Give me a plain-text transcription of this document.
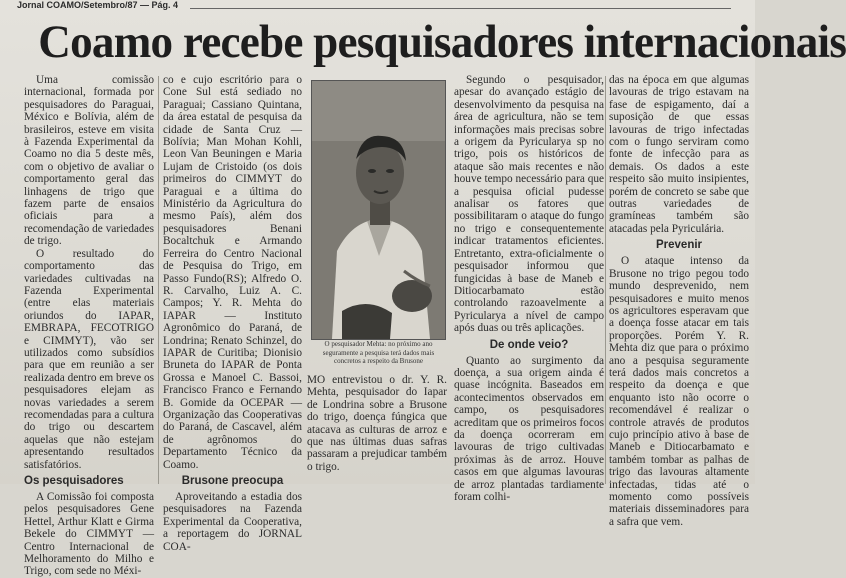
Jornal COAMO/Setembro/87 — Pág. 4
Coamo recebe pesquisadores internacionais

Uma comissão internacional, formada por pesquisadores do Paraguai, México e Bolívia, além de brasileiros, esteve em visita à Fazenda Experimental da Coamo no dia 5 deste mês, com o objetivo de avaliar o comportamento geral das linhagens de trigo que fazem parte de ensaios oficiais para a recomendação de variedades de trigo.

O resultado do comportamento das variedades cultivadas na Fazenda Experimental (entre elas materiais oriundos do IAPAR, EMBRAPA, FECOTRIGO e CIMMYT), vão ser utilizados como subsídios para que em reunião a ser realizada dentro em breve os pesquisadores elejam as novas variedades a serem recomendadas para a cultura do trigo ou descartem aquelas que não estejam apresentando resultados satisfatórios.

Os pesquisadores

A Comissão foi composta pelos pesquisadores Gene Hettel, Arthur Klatt e Girma Bekele do CIMMYT — Centro Internacional de Melhoramento do Milho e Trigo, com sede no Méxi-

co e cujo escritório para o Cone Sul está sediado no Paraguai; Cassiano Quintana, da área estatal de pesquisa da cidade de Santa Cruz — Bolívia; Man Mohan Kohli, Leon Van Beuningen e Maria Lujam de Cristoido (os dois primeiros do CIMMYT do Paraguai e a última do Ministério da Agricultura do mesmo País), além dos pesquisadores Benani Bocaltchuk e Armando Ferreira do Centro Nacional de Pesquisa do Trigo, em Passo Fundo(RS); Alfredo O. R. Carvalho, Luiz A. C. Campos; Y. R. Mehta do IAPAR — Instituto Agronômico do Paraná, de Londrina; Renato Schinzel, do IAPAR de Curitiba; Dionisio Bruneta do IAPAR de Ponta Grossa e Manoel C. Bassoi, Francisco Franco e Fernando B. Gomide da OCEPAR — Organização das Cooperativas do Paraná, de Cascavel, além de agrônomos do Departamento Técnico da Coamo.

Brusone preocupa

Aproveitando a estadia dos pesquisadores na Fazenda Experimental da Cooperativa, a reportagem do JORNAL COA-

O pesquisador Mehta: no próximo ano seguramente a pesquisa terá dados mais concretos a respeito da Brusone

MO entrevistou o dr. Y. R. Mehta, pesquisador do Iapar de Londrina sobre a Brusone do trigo, doença fúngica que atacava as culturas de arroz e que nas últimas duas safras passaram a prejudicar também o trigo.

Segundo o pesquisador, apesar do avançado estágio de desenvolvimento da pesquisa na área de agricultura, não se tem informações mais precisas sobre a origem da Pyricularya sp no trigo, pois os históricos de ataque são mais recentes e não houve tempo necessário para que a pesquisa oficial pudesse analisar os fatores que possibilitaram o ataque do fungo no trigo e consequentemente indicar tratamentos eficientes. Entretanto, extra-oficialmente o pesquisador informou que fungicidas à base de Maneb e Ditiocarbamato estão controlando razoavelmente a Pyricularya a nível de campo após duas ou três aplicações.

De onde veio?

Quanto ao surgimento da doença, a sua origem ainda é quase incógnita. Baseados em acontecimentos observados em campo, os pesquisadores acreditam que os primeiros focos da doença ocorreram em lavouras de trigo cultivadas próximas às de arroz. Houve casos em que algumas lavouras de arroz plantadas tardiamente foram colhi-

das na época em que algumas lavouras de trigo estavam na fase de espigamento, daí a suposição de que essas lavouras de trigo infectadas com o fungo serviram como fonte de infecção para as demais. Os dados a este respeito são muito insipientes, porém de concreto se sabe que outras variedades de gramíneas também são atacadas pela Pyriculária.

Prevenir

O ataque intenso da Brusone no trigo pegou todo mundo desprevenido, nem pesquisadores e muito menos os agricultores esperavam que a doença fosse atacar em tais proporções. Porém Y. R. Mehta diz que para o próximo ano a pesquisa seguramente terá dados mais concretos a respeito da doença e que enquanto isto não ocorre o recomendável é realizar o controle através de produtos cujo princípio ativo à base de Maneb e Ditiocarbamato e também tombar as palhas de trigo das lavouras altamente infectadas, tidas até o momento como possíveis materiais disseminadores para a safra que vem.
